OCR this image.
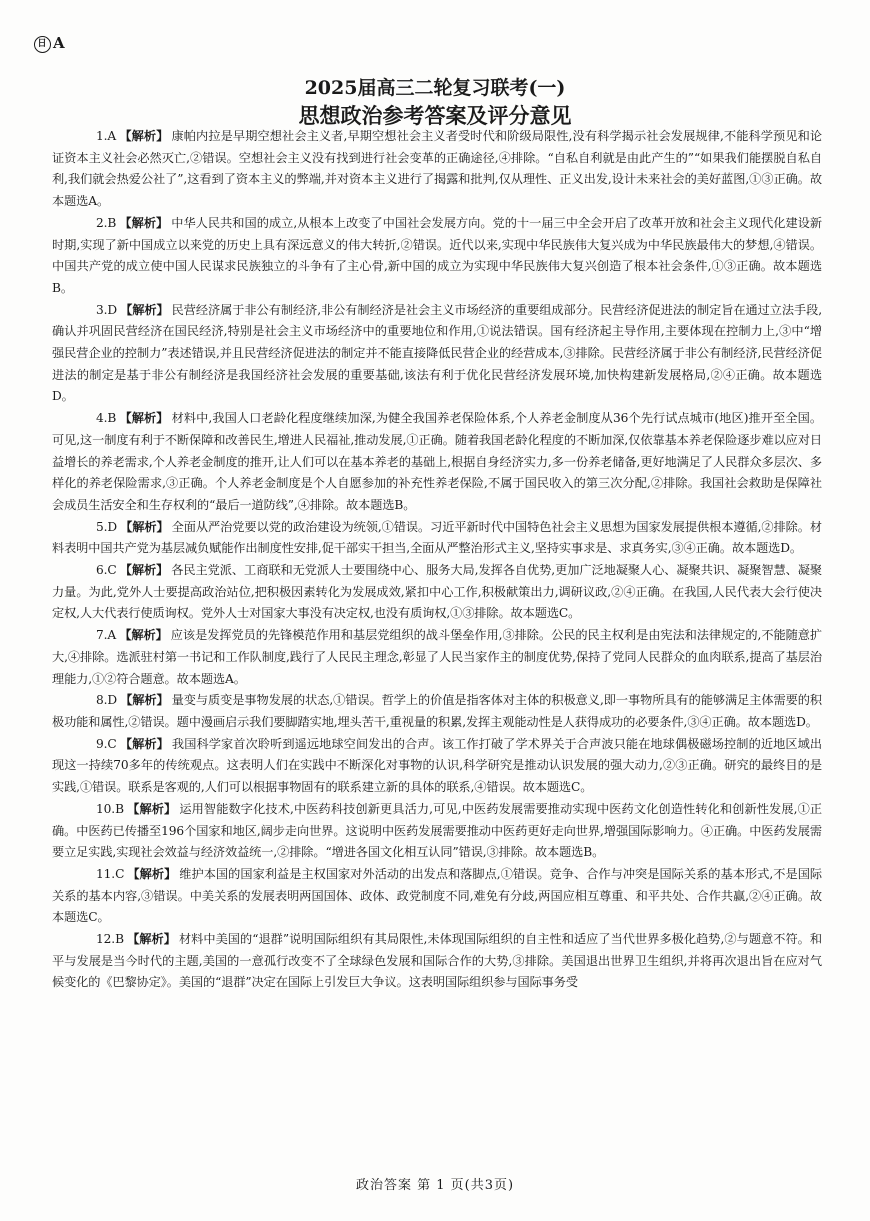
日 A
2025届高三二轮复习联考(一)
思想政治参考答案及评分意见
1.A 【解析】 康帕内拉是早期空想社会主义者,早期空想社会主义者受时代和阶级局限性,没有科学揭示社会发展规律,不能科学预见和论证资本主义社会必然灭亡,②错误。空想社会主义没有找到进行社会变革的正确途径,④排除。“自私自利就是由此产生的”“如果我们能摆脱自私自利,我们就会热爱公社了”,这看到了资本主义的弊端,并对资本主义进行了揭露和批判,仅从理性、正义出发,设计未来社会的美好蓝图,①③正确。故本题选A。
2.B 【解析】 中华人民共和国的成立,从根本上改变了中国社会发展方向。党的十一届三中全会开启了改革开放和社会主义现代化建设新时期,实现了新中国成立以来党的历史上具有深远意义的伟大转折,②错误。近代以来,实现中华民族伟大复兴成为中华民族最伟大的梦想,④错误。中国共产党的成立使中国人民谋求民族独立的斗争有了主心骨,新中国的成立为实现中华民族伟大复兴创造了根本社会条件,①③正确。故本题选B。
3.D 【解析】 民营经济属于非公有制经济,非公有制经济是社会主义市场经济的重要组成部分。民营经济促进法的制定旨在通过立法手段,确认并巩固民营经济在国民经济,特别是社会主义市场经济中的重要地位和作用,①说法错误。国有经济起主导作用,主要体现在控制力上,③中“增强民营企业的控制力”表述错误,并且民营经济促进法的制定并不能直接降低民营企业的经营成本,③排除。民营经济属于非公有制经济,民营经济促进法的制定是基于非公有制经济是我国经济社会发展的重要基础,该法有利于优化民营经济发展环境,加快构建新发展格局,②④正确。故本题选D。
4.B 【解析】 材料中,我国人口老龄化程度继续加深,为健全我国养老保险体系,个人养老金制度从36个先行试点城市(地区)推开至全国。可见,这一制度有利于不断保障和改善民生,增进人民福祉,推动发展,①正确。随着我国老龄化程度的不断加深,仅依靠基本养老保险逐步难以应对日益增长的养老需求,个人养老金制度的推开,让人们可以在基本养老的基础上,根据自身经济实力,多一份养老储备,更好地满足了人民群众多层次、多样化的养老保险需求,③正确。个人养老金制度是个人自愿参加的补充性养老保险,不属于国民收入的第三次分配,②排除。我国社会救助是保障社会成员生活安全和生存权利的“最后一道防线”,④排除。故本题选B。
5.D 【解析】 全面从严治党要以党的政治建设为统领,①错误。习近平新时代中国特色社会主义思想为国家发展提供根本遵循,②排除。材料表明中国共产党为基层减负赋能作出制度性安排,促干部实干担当,全面从严整治形式主义,坚持实事求是、求真务实,③④正确。故本题选D。
6.C 【解析】 各民主党派、工商联和无党派人士要围绕中心、服务大局,发挥各自优势,更加广泛地凝聚人心、凝聚共识、凝聚智慧、凝聚力量。为此,党外人士要提高政治站位,把积极因素转化为发展成效,紧扣中心工作,积极献策出力,调研议政,②④正确。在我国,人民代表大会行使决定权,人大代表行使质询权。党外人士对国家大事没有决定权,也没有质询权,①③排除。故本题选C。
7.A 【解析】 应该是发挥党员的先锋模范作用和基层党组织的战斗堡垒作用,③排除。公民的民主权利是由宪法和法律规定的,不能随意扩大,④排除。选派驻村第一书记和工作队制度,践行了人民民主理念,彰显了人民当家作主的制度优势,保持了党同人民群众的血肉联系,提高了基层治理能力,①②符合题意。故本题选A。
8.D 【解析】 量变与质变是事物发展的状态,①错误。哲学上的价值是指客体对主体的积极意义,即一事物所具有的能够满足主体需要的积极功能和属性,②错误。题中漫画启示我们要脚踏实地,埋头苦干,重视量的积累,发挥主观能动性是人获得成功的必要条件,③④正确。故本题选D。
9.C 【解析】 我国科学家首次聆听到遥远地球空间发出的合声。该工作打破了学术界关于合声波只能在地球偶极磁场控制的近地区域出现这一持续70多年的传统观点。这表明人们在实践中不断深化对事物的认识,科学研究是推动认识发展的强大动力,②③正确。研究的最终目的是实践,①错误。联系是客观的,人们可以根据事物固有的联系建立新的具体的联系,④错误。故本题选C。
10.B 【解析】 运用智能数字化技术,中医药科技创新更具活力,可见,中医药发展需要推动实现中医药文化创造性转化和创新性发展,①正确。中医药已传播至196个国家和地区,阔步走向世界。这说明中医药发展需要推动中医药更好走向世界,增强国际影响力。④正确。中医药发展需要立足实践,实现社会效益与经济效益统一,②排除。“增进各国文化相互认同”错误,③排除。故本题选B。
11.C 【解析】 维护本国的国家利益是主权国家对外活动的出发点和落脚点,①错误。竞争、合作与冲突是国际关系的基本形式,不是国际关系的基本内容,③错误。中美关系的发展表明两国国体、政体、政党制度不同,难免有分歧,两国应相互尊重、和平共处、合作共赢,②④正确。故本题选C。
12.B 【解析】 材料中美国的“退群”说明国际组织有其局限性,未体现国际组织的自主性和适应了当代世界多极化趋势,②与题意不符。和平与发展是当今时代的主题,美国的一意孤行改变不了全球绿色发展和国际合作的大势,③排除。美国退出世界卫生组织,并将再次退出旨在应对气候变化的《巴黎协定》。美国的“退群”决定在国际上引发巨大争议。这表明国际组织参与国际事务受
政治答案 第 1 页(共3页)
